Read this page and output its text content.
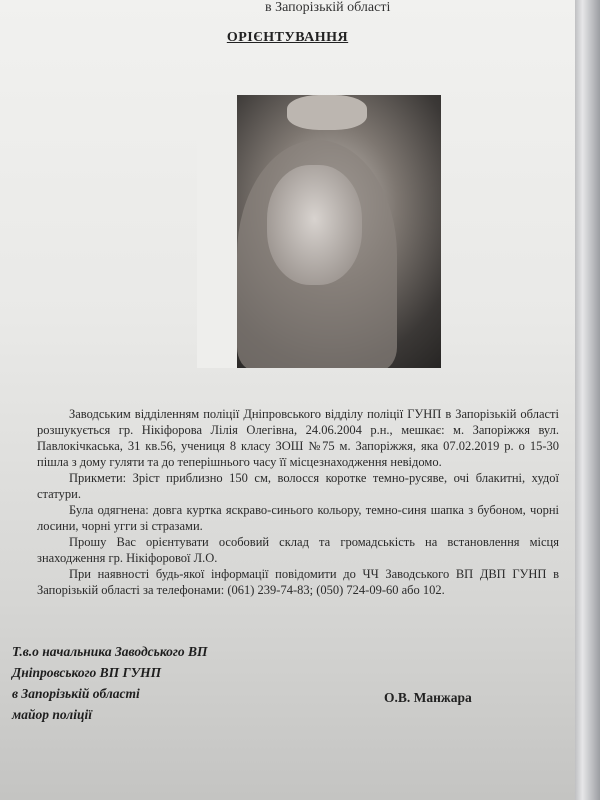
в Запорізькій області
ОРІЄНТУВАННЯ

Заводським відділенням поліції Дніпровського відділу поліції ГУНП в Запорізькій області розшукується гр. Нікіфорова Лілія Олегівна, 24.06.2004 р.н., мешкає: м. Запоріжжя вул. Павлокічкаська, 31 кв.56, учениця 8 класу ЗОШ №75 м. Запоріжжя, яка 07.02.2019 р. о 15-30 пішла з дому гуляти та до теперішнього часу її місцезнаходження невідомо.

Прикмети: Зріст приблизно 150 см, волосся коротке темно-русяве, очі блакитні, худої статури.

Була одягнена: довга куртка яскраво-синього кольору, темно-синя шапка з бубоном, чорні лосини, чорні угги зі стразами.

Прошу Вас орієнтувати особовий склад та громадськість на встановлення місця знаходження гр. Нікіфорової Л.О.

При наявності будь-якої інформації повідомити до ЧЧ Заводського ВП ДВП ГУНП в Запорізькій області за телефонами: (061) 239-74-83; (050) 724-09-60 або 102.

Т.в.о начальника Заводського ВП
Дніпровського ВП ГУНП
в Запорізькій області
майор поліції
О.В. Манжара
